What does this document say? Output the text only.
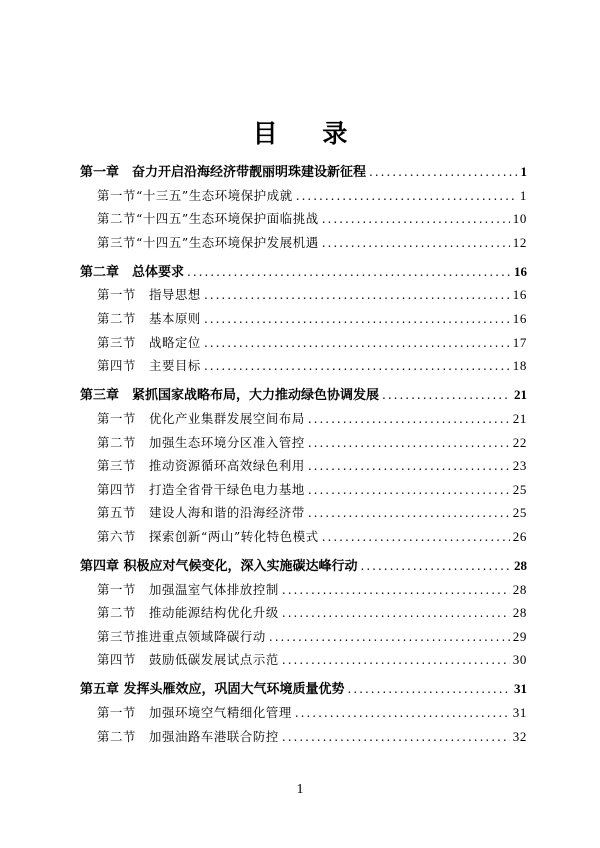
目 录
第一章　奋力开启沿海经济带靓丽明珠建设新征程 .....	1
第一节“十三五”生态环境保护成就 .....	1
第二节“十四五”生态环境保护面临挑战 .....	10
第三节“十四五”生态环境保护发展机遇 .....	12
第二章　总体要求 .....	16
第一节　指导思想 .....	16
第二节　基本原则 .....	16
第三节　战略定位 .....	17
第四节　主要目标 .....	18
第三章　紧抓国家战略布局，大力推动绿色协调发展 .....	21
第一节　优化产业集群发展空间布局 .....	21
第二节　加强生态环境分区准入管控 .....	22
第三节　推动资源循环高效绿色利用 .....	23
第四节　打造全省骨干绿色电力基地 .....	25
第五节　建设人海和谐的沿海经济带 .....	25
第六节　探索创新“两山”转化特色模式 .....	26
第四章 积极应对气候变化，深入实施碳达峰行动 .....	28
第一节　加强温室气体排放控制 .....	28
第二节　推动能源结构优化升级 .....	28
第三节推进重点领域降碳行动 .....	29
第四节　鼓励低碳发展试点示范 .....	30
第五章 发挥头雁效应，巩固大气环境质量优势 .....	31
第一节　加强环境空气精细化管理 .....	31
第二节　加强油路车港联合防控 .....	32
1
